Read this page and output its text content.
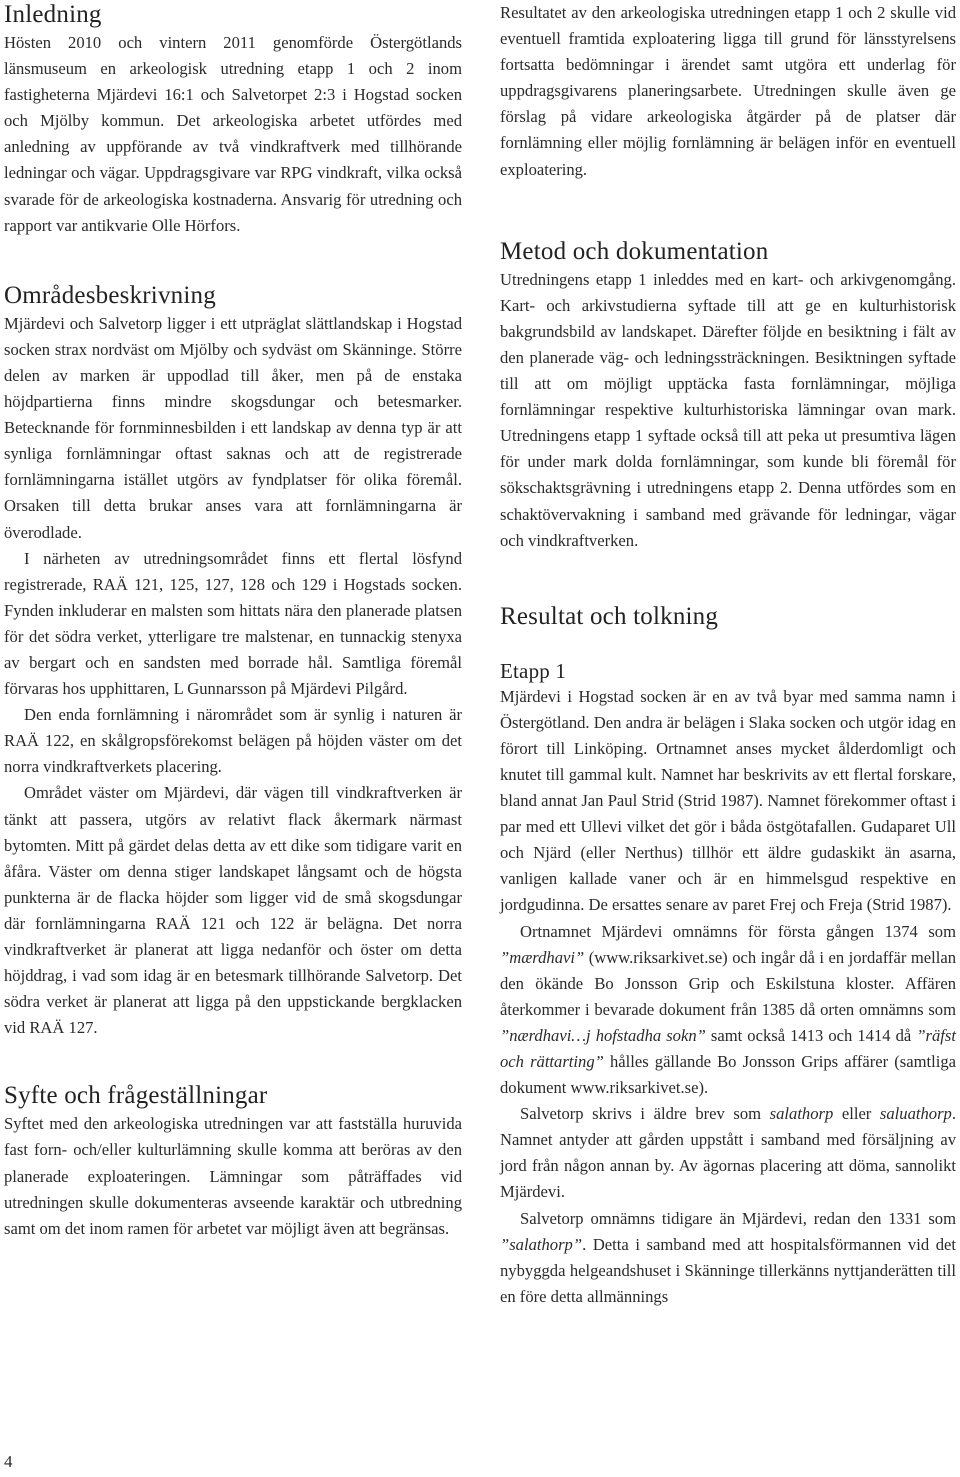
Inledning

Hösten 2010 och vintern 2011 genomförde Östergötlands länsmuseum en arkeologisk utredning etapp 1 och 2 inom fastigheterna Mjärdevi 16:1 och Salvetorpet 2:3 i Hogstad socken och Mjölby kommun. Det arkeologiska arbetet utfördes med anledning av uppförande av två vindkraftverk med tillhörande ledningar och vägar. Uppdragsgivare var RPG vindkraft, vilka också svarade för de arkeologiska kostnaderna. Ansvarig för utredning och rapport var antikvarie Olle Hörfors.

Områdesbeskrivning

Mjärdevi och Salvetorp ligger i ett utpräglat slättlandskap i Hogstad socken strax nordväst om Mjölby och sydväst om Skänninge. Större delen av marken är uppodlad till åker, men på de enstaka höjdpartierna finns mindre skogsdungar och betesmarker. Betecknande för fornminnesbilden i ett landskap av denna typ är att synliga fornlämningar oftast saknas och att de registrerade fornlämningarna istället utgörs av fyndplatser för olika föremål. Orsaken till detta brukar anses vara att fornlämningarna är överodlade.

I närheten av utredningsområdet finns ett flertal lösfynd registrerade, RAÄ 121, 125, 127, 128 och 129 i Hogstads socken. Fynden inkluderar en malsten som hittats nära den planerade platsen för det södra verket, ytterligare tre malstenar, en tunnackig stenyxa av bergart och en sandsten med borrade hål. Samtliga föremål förvaras hos upphittaren, L Gunnarsson på Mjärdevi Pilgård.

Den enda fornlämning i närområdet som är synlig i naturen är RAÄ 122, en skålgropsförekomst belägen på höjden väster om det norra vindkraftverkets placering.

Området väster om Mjärdevi, där vägen till vindkraftverken är tänkt att passera, utgörs av relativt flack åkermark närmast bytomten. Mitt på gärdet delas detta av ett dike som tidigare varit en åfåra. Väster om denna stiger landskapet långsamt och de högsta punkterna är de flacka höjder som ligger vid de små skogsdungar där fornlämningarna RAÄ 121 och 122 är belägna. Det norra vindkraftverket är planerat att ligga nedanför och öster om detta höjddrag, i vad som idag är en betesmark tillhörande Salvetorp. Det södra verket är planerat att ligga på den uppstickande bergklacken vid RAÄ 127.

Syfte och frågeställningar

Syftet med den arkeologiska utredningen var att fastställa huruvida fast forn- och/eller kulturlämning skulle komma att beröras av den planerade exploateringen. Lämningar som påträffades vid utredningen skulle dokumenteras avseende karaktär och utbredning samt om det inom ramen för arbetet var möjligt även att begränsas.

Resultatet av den arkeologiska utredningen etapp 1 och 2 skulle vid eventuell framtida exploatering ligga till grund för länsstyrelsens fortsatta bedömningar i ärendet samt utgöra ett underlag för uppdragsgivarens planeringsarbete. Utredningen skulle även ge förslag på vidare arkeologiska åtgärder på de platser där fornlämning eller möjlig fornlämning är belägen inför en eventuell exploatering.

Metod och dokumentation

Utredningens etapp 1 inleddes med en kart- och arkivgenomgång. Kart- och arkivstudierna syftade till att ge en kulturhistorisk bakgrundsbild av landskapet. Därefter följde en besiktning i fält av den planerade väg- och ledningssträckningen. Besiktningen syftade till att om möjligt upptäcka fasta fornlämningar, möjliga fornlämningar respektive kulturhistoriska lämningar ovan mark. Utredningens etapp 1 syftade också till att peka ut presumtiva lägen för under mark dolda fornlämningar, som kunde bli föremål för sökschaktsgrävning i utredningens etapp 2. Denna utfördes som en schaktövervakning i samband med grävande för ledningar, vägar och vindkraftverken.

Resultat och tolkning
Etapp 1

Mjärdevi i Hogstad socken är en av två byar med samma namn i Östergötland. Den andra är belägen i Slaka socken och utgör idag en förort till Linköping. Ortnamnet anses mycket ålderdomligt och knutet till gammal kult. Namnet har beskrivits av ett flertal forskare, bland annat Jan Paul Strid (Strid 1987). Namnet förekommer oftast i par med ett Ullevi vilket det gör i båda östgötafallen. Gudaparet Ull och Njärd (eller Nerthus) tillhör ett äldre gudaskikt än asarna, vanligen kallade vaner och är en himmelsgud respektive en jordgudinna. De ersattes senare av paret Frej och Freja (Strid 1987).

Ortnamnet Mjärdevi omnämns för första gången 1374 som ”mærdhavi” (www.riksarkivet.se) och ingår då i en jordaffär mellan den ökände Bo Jonsson Grip och Eskilstuna kloster. Affären återkommer i bevarade dokument från 1385 då orten omnämns som ”nærdhavi…j hofstadha sokn” samt också 1413 och 1414 då ”räfst och rättarting” hålles gällande Bo Jonsson Grips affärer (samtliga dokument www.riksarkivet.se).

Salvetorp skrivs i äldre brev som salathorp eller saluathorp. Namnet antyder att gården uppstått i samband med försäljning av jord från någon annan by. Av ägornas placering att döma, sannolikt Mjärdevi.

Salvetorp omnämns tidigare än Mjärdevi, redan den 1331 som ”salathorp”. Detta i samband med att hospitalsförmannen vid det nybyggda helgeandshuset i Skänninge tillerkänns nyttjanderätten till en före detta allmännings

4
